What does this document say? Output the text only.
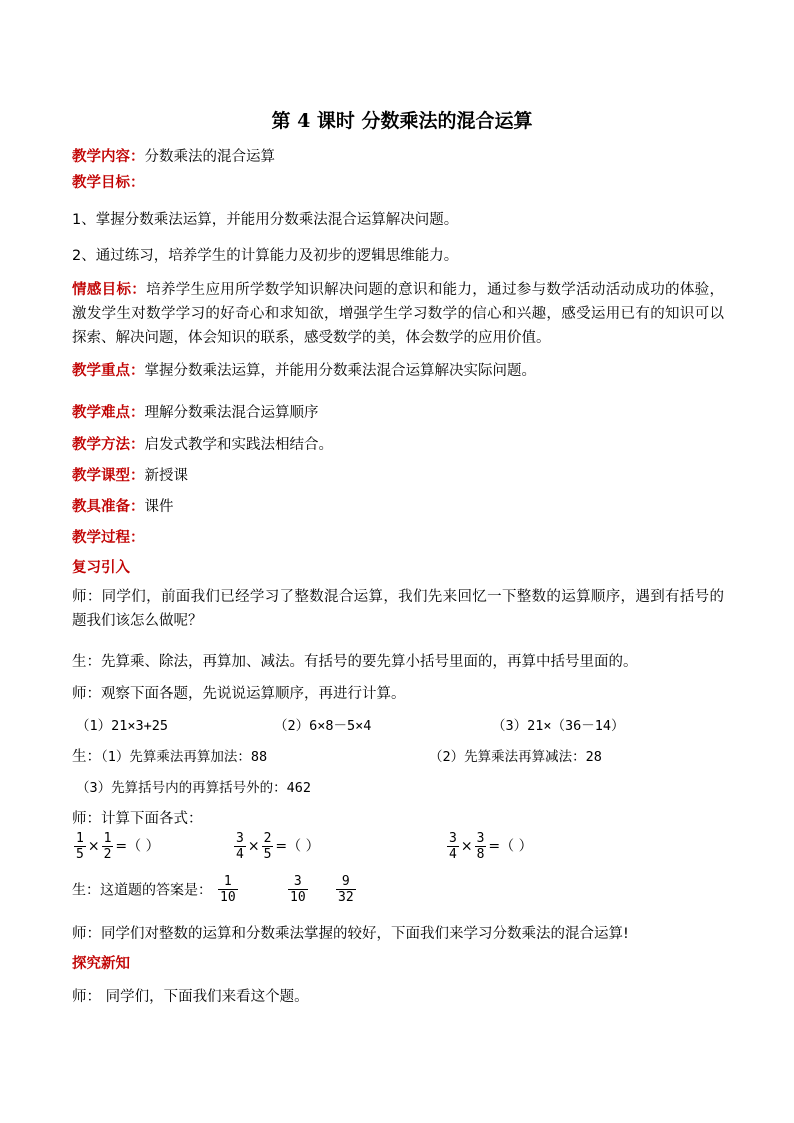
第 4 课时 分数乘法的混合运算
教学内容：分数乘法的混合运算
教学目标：
1、掌握分数乘法运算，并能用分数乘法混合运算解决问题。
2、通过练习，培养学生的计算能力及初步的逻辑思维能力。
情感目标：培养学生应用所学数学知识解决问题的意识和能力，通过参与数学活动活动成功的体验，激发学生对数学学习的好奇心和求知欲，增强学生学习数学的信心和兴趣，感受运用已有的知识可以探索、解决问题，体会知识的联系，感受数学的美，体会数学的应用价值。
教学重点：掌握分数乘法运算，并能用分数乘法混合运算解决实际问题。
教学难点：理解分数乘法混合运算顺序
教学方法：启发式教学和实践法相结合。
教学课型：新授课
教具准备：课件
教学过程：
复习引入
师：同学们，前面我们已经学习了整数混合运算，我们先来回忆一下整数的运算顺序，遇到有括号的题我们该怎么做呢？
生：先算乘、除法，再算加、减法。有括号的要先算小括号里面的，再算中括号里面的。
师：观察下面各题，先说说运算顺序，再进行计算。
（1）21×3+25	（2）6×8－5×4	（3）21×（36－14）
生：（1）先算乘法再算加法：88	（2）先算乘法再算减法：28
（3）先算括号内的再算括号外的：462
师：计算下面各式：
$\frac{1}{5} \times \frac{1}{2}$ =（ ）	$\frac{3}{4} \times \frac{2}{5}$ =（ ）	$\frac{3}{4} \times \frac{3}{8}$ =（ ）
生：这道题的答案是： $\frac{1}{10}$	$\frac{3}{10} \frac{9}{32}$
师：同学们对整数的运算和分数乘法掌握的较好，下面我们来学习分数乘法的混合运算!
探究新知
师： 同学们，下面我们来看这个题。
